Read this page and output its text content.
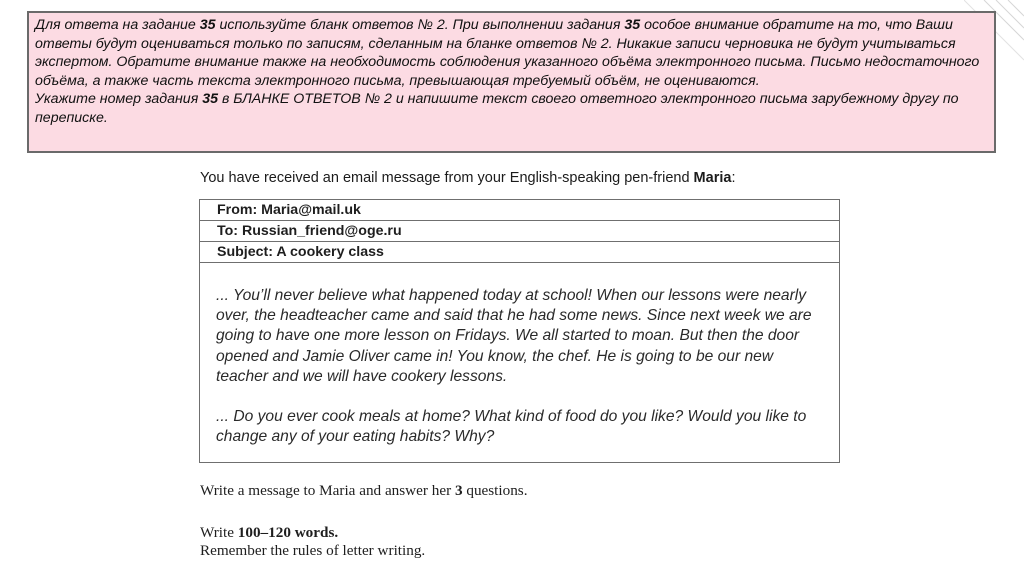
Для ответа на задание 35 используйте бланк ответов № 2. При выполнении задания 35 особое внимание обратите на то, что Ваши ответы будут оцениваться только по записям, сделанным на бланке ответов № 2. Никакие записи черновика не будут учитываться экспертом. Обратите внимание также на необходимость соблюдения указанного объёма электронного письма. Письмо недостаточного объёма, а также часть текста электронного письма, превышающая требуемый объём, не оцениваются.

Укажите номер задания 35 в БЛАНКЕ ОТВЕТОВ № 2 и напишите текст своего ответного электронного письма зарубежному другу по переписке.

You have received an email message from your English-speaking pen-friend Maria:
From: Maria@mail.uk
To: Russian_friend@oge.ru
Subject: A cookery class

... You’ll never believe what happened today at school! When our lessons were nearly over, the headteacher came and said that he had some news. Since next week we are going to have one more lesson on Fridays. We all started to moan. But then the door opened and Jamie Oliver came in! You know, the chef. He is going to be our new teacher and we will have cookery lessons.

... Do you ever cook meals at home? What kind of food do you like? Would you like to change any of your eating habits? Why?

Write a message to Maria and answer her 3 questions.
Write 100–120 words.
Remember the rules of letter writing.
